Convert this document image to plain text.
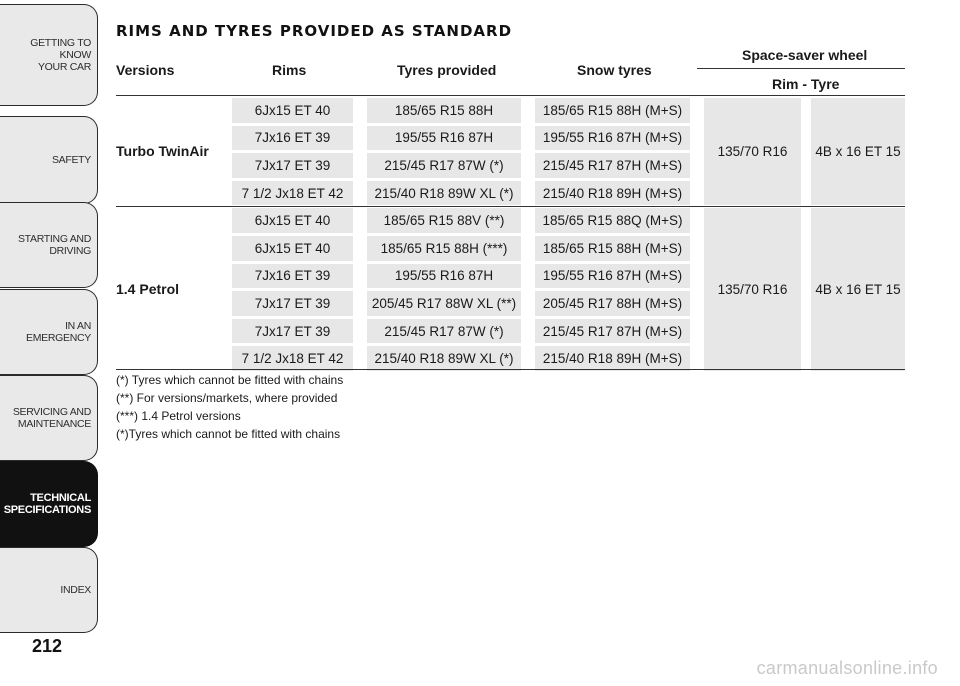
GETTING TO KNOW
YOUR CAR
SAFETY
STARTING AND
DRIVING
IN AN EMERGENCY
SERVICING AND
MAINTENANCE
TECHNICAL
SPECIFICATIONS
INDEX
212
carmanualsonline.info
RIMS AND TYRES PROVIDED AS STANDARD
Versions	Rims	Tyres provided	Snow tyres
Space-saver wheel
Rim - Tyre
Turbo TwinAir
6Jx15 ET 40	185/65 R15 88H	185/65 R15 88H (M+S)
7Jx16 ET 39	195/55 R16 87H	195/55 R16 87H (M+S)
7Jx17 ET 39	215/45 R17 87W (*)	215/45 R17 87H (M+S)
7 1/2 Jx18 ET 42	215/40 R18 89W XL (*)	215/40 R18 89H (M+S)
135/70 R16	4B x 16 ET 15
1.4 Petrol
6Jx15 ET 40	185/65 R15 88V (**)	185/65 R15 88Q (M+S)
6Jx15 ET 40	185/65 R15 88H (***)	185/65 R15 88H (M+S)
7Jx16 ET 39	195/55 R16 87H	195/55 R16 87H (M+S)
7Jx17 ET 39	205/45 R17 88W XL (**)	205/45 R17 88H (M+S)
7Jx17 ET 39	215/45 R17 87W (*)	215/45 R17 87H (M+S)
7 1/2 Jx18 ET 42	215/40 R18 89W XL (*)	215/40 R18 89H (M+S)
135/70 R16	4B x 16 ET 15
(*) Tyres which cannot be fitted with chains
(**) For versions/markets, where provided
(***) 1.4 Petrol versions
(*)Tyres which cannot be fitted with chains
